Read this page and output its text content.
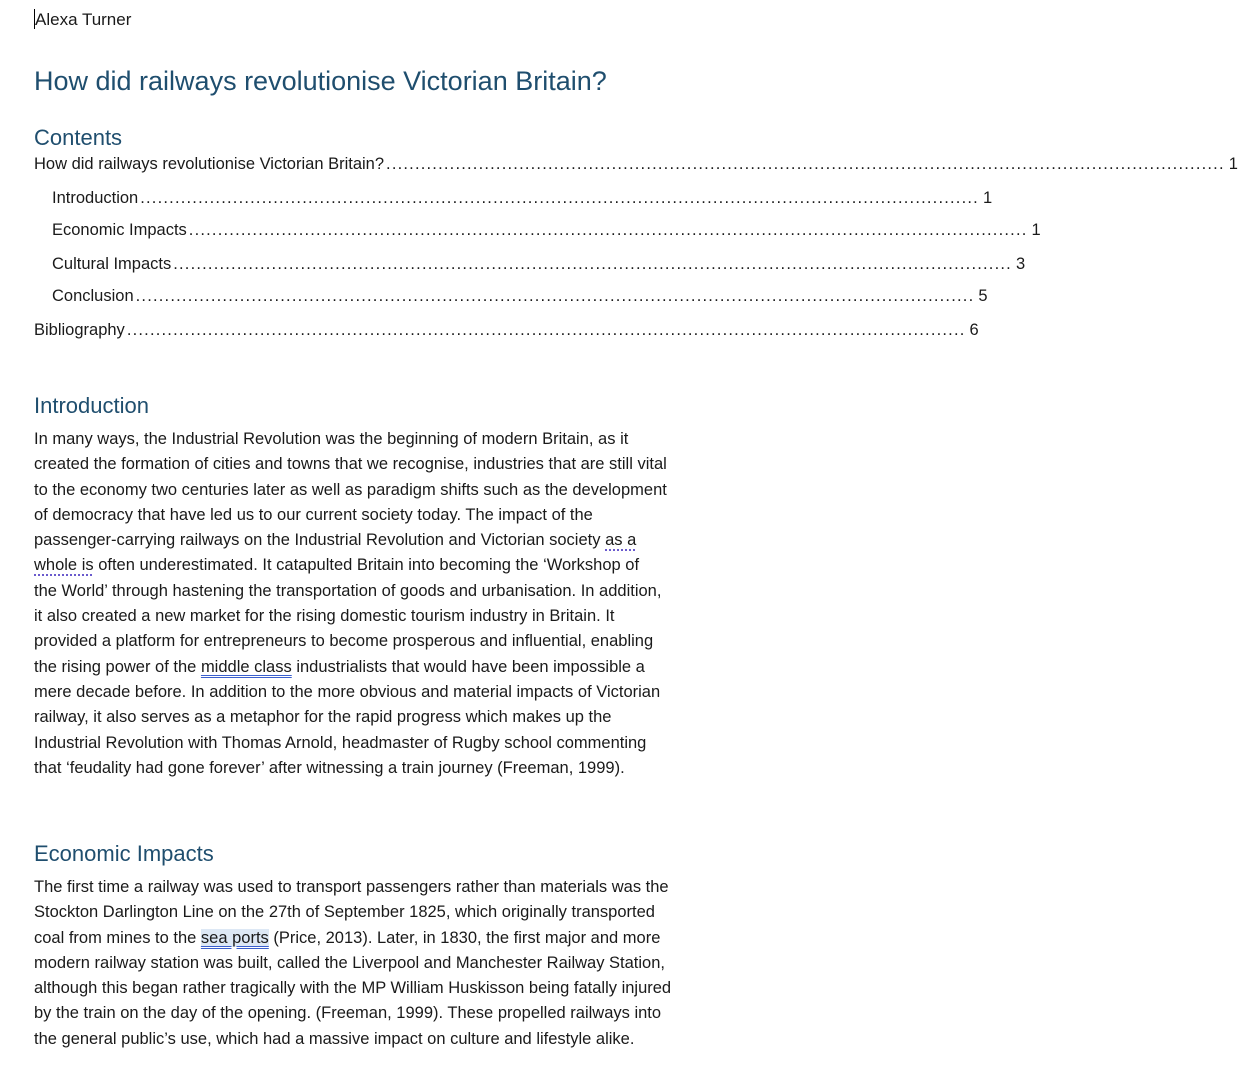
Alexa Turner
How did railways revolutionise Victorian Britain?
Contents
How did railways revolutionise Victorian Britain? ................................................................................................................................................. 1
Introduction ................................................................................................................................................. 1
Economic Impacts ................................................................................................................................................. 1
Cultural Impacts ................................................................................................................................................. 3
Conclusion ................................................................................................................................................. 5
Bibliography ................................................................................................................................................. 6
Introduction
In many ways, the Industrial Revolution was the beginning of modern Britain, as it
created the formation of cities and towns that we recognise, industries that are still vital
to the economy two centuries later as well as paradigm shifts such as the development
of democracy that have led us to our current society today. The impact of the
passenger-carrying railways on the Industrial Revolution and Victorian society as a
whole is often underestimated. It catapulted Britain into becoming the ‘Workshop of
the World’ through hastening the transportation of goods and urbanisation. In addition,
it also created a new market for the rising domestic tourism industry in Britain. It
provided a platform for entrepreneurs to become prosperous and influential, enabling
the rising power of the middle class industrialists that would have been impossible a
mere decade before. In addition to the more obvious and material impacts of Victorian
railway, it also serves as a metaphor for the rapid progress which makes up the
Industrial Revolution with Thomas Arnold, headmaster of Rugby school commenting
that ‘feudality had gone forever’ after witnessing a train journey (Freeman, 1999).
Economic Impacts
The first time a railway was used to transport passengers rather than materials was the
Stockton Darlington Line on the 27th of September 1825, which originally transported
coal from mines to the sea ports (Price, 2013). Later, in 1830, the first major and more
modern railway station was built, called the Liverpool and Manchester Railway Station,
although this began rather tragically with the MP William Huskisson being fatally injured
by the train on the day of the opening. (Freeman, 1999). These propelled railways into
the general public’s use, which had a massive impact on culture and lifestyle alike.
